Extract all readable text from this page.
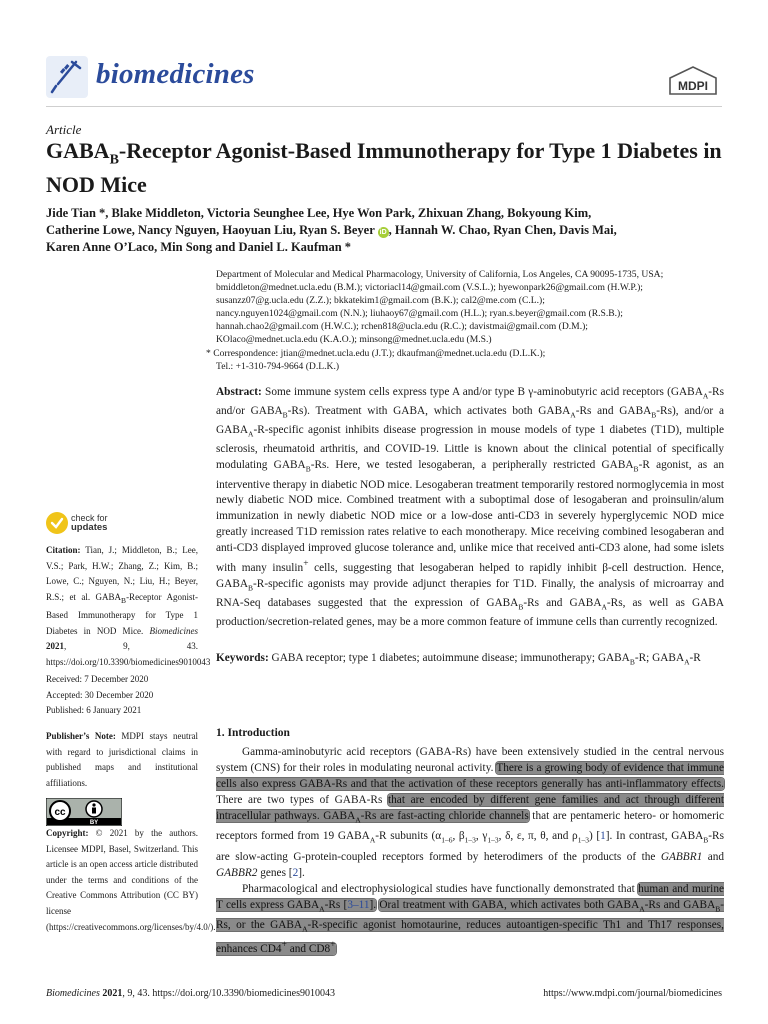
biomedicines	MDPI
Article
$GABA_B$-Receptor Agonist-Based Immunotherapy for Type 1 Diabetes in NOD Mice
Jide Tian *, Blake Middleton, Victoria Seunghee Lee, Hye Won Park, Zhixuan Zhang, Bokyoung Kim,
Catherine Lowe, Nancy Nguyen, Haoyuan Liu, Ryan S. Beyer iD , Hannah W. Chao, Ryan Chen, Davis Mai,
Karen Anne O’Laco, Min Song and Daniel L. Kaufman *
Department of Molecular and Medical Pharmacology, University of California, Los Angeles, CA 90095-1735, USA;
bmiddleton@mednet.ucla.edu (B.M.); victoriacl14@gmail.com (V.S.L.); hyewonpark26@gmail.com (H.W.P.);
susanzz07@g.ucla.edu (Z.Z.); bkkatekim1@gmail.com (B.K.); cal2@me.com (C.L.);
nancy.nguyen1024@gmail.com (N.N.); liuhaoy67@gmail.com (H.L.); ryan.s.beyer@gmail.com (R.S.B.);
hannah.chao2@gmail.com (H.W.C.); rchen818@ucla.edu (R.C.); davistmai@gmail.com (D.M.);
KOlaco@mednet.ucla.edu (K.A.O.); minsong@mednet.ucla.edu (M.S.)
* Correspondence: jtian@mednet.ucla.edu (J.T.); dkaufman@mednet.ucla.edu (D.L.K.);
Tel.: +1-310-794-9664 (D.L.K.)
Abstract: Some immune system cells express type A and/or type B γ-aminobutyric acid receptors ($GABA_A-Rs$ and/or $GABA_B-Rs$). Treatment with GABA, which activates both $GABA_A-Rs$ and $GABA_B-Rs$), and/or a $GABA_A-R$-specific agonist inhibits disease progression in mouse models of type 1 diabetes (T1D), multiple sclerosis, rheumatoid arthritis, and COVID-19. Little is known about the clinical potential of specifically modulating $GABA_B-Rs$. Here, we tested lesogaberan, a peripherally restricted $GABA_B-R$ agonist, as an interventive therapy in diabetic NOD mice. Lesogaberan treatment temporarily restored normoglycemia in most newly diabetic NOD mice. Combined treatment with a suboptimal dose of lesogaberan and proinsulin/alum immunization in newly diabetic NOD mice or a low-dose anti-CD3 in severely hyperglycemic NOD mice greatly increased T1D remission rates relative to each monotherapy. Mice receiving combined lesogaberan and anti-CD3 displayed improved glucose tolerance and, unlike mice that received anti-CD3 alone, had some islets with many insulin+ cells, suggesting that lesogaberan helped to rapidly inhibit β-cell destruction. Hence, $GABA_B-R$-specific agonists may provide adjunct therapies for T1D. Finally, the analysis of microarray and RNA-Seq databases suggested that the expression of $GABA_B-Rs$ and $GABA_A-Rs$, as well as GABA production/secretion-related genes, may be a more common feature of immune cells than currently recognized.
Keywords: GABA receptor; type 1 diabetes; autoimmune disease; immunotherapy; $GABA_B-R$; $GABA_A-R$
check for
updates
Citation: Tian, J.; Middleton, B.; Lee, V.S.; Park, H.W.; Zhang, Z.; Kim, B.; Lowe, C.; Nguyen, N.; Liu, H.; Beyer, R.S.; et al. $GABA_B$-Receptor Agonist-Based Immunotherapy for Type 1 Diabetes in NOD Mice. Biomedicines 2021, 9, 43. https://doi.org/10.3390/biomedicines9010043
Received: 7 December 2020
Accepted: 30 December 2020
Published: 6 January 2021
Publisher’s Note: MDPI stays neutral with regard to jurisdictional claims in published maps and institutional affiliations.
cc
BY
Copyright: © 2021 by the authors. Licensee MDPI, Basel, Switzerland. This article is an open access article distributed under the terms and conditions of the Creative Commons Attribution (CC BY) license (https://creativecommons.org/licenses/by/4.0/).
1. Introduction

Gamma-aminobutyric acid receptors (GABA-Rs) have been extensively studied in the central nervous system (CNS) for their roles in modulating neuronal activity. There is a growing body of evidence that immune cells also express GABA-Rs and that the activation of these receptors generally has anti-inflammatory effects. There are two types of GABA-Rs that are encoded by different gene families and act through different intracellular pathways. $GABA_A-Rs$ are fast-acting chloride channels that are pentameric hetero- or homomeric receptors formed from 19 $GABA_A-R$ subunits ($\alpha_{1-6}$, $\beta_{1-3}$, $\gamma_{1-3}$, δ, ε, π, θ, and $\rho_{1-3}$) [1]. In contrast, $GABA_B-Rs$ are slow-acting G-protein-coupled receptors formed by heterodimers of the products of the GABBR1 and GABBR2 genes [2].

Pharmacological and electrophysiological studies have functionally demonstrated that human and murine T cells express $GABA_A-Rs$ [3–11]. Oral treatment with GABA, which activates both $GABA_A-Rs$ and $GABA_B-Rs$, or the $GABA_A-R$-specific agonist homotaurine, reduces autoantigen-specific Th1 and Th17 responses, enhances CD4+ and CD8+

Biomedicines 2021, 9, 43. https://doi.org/10.3390/biomedicines9010043	https://www.mdpi.com/journal/biomedicines
